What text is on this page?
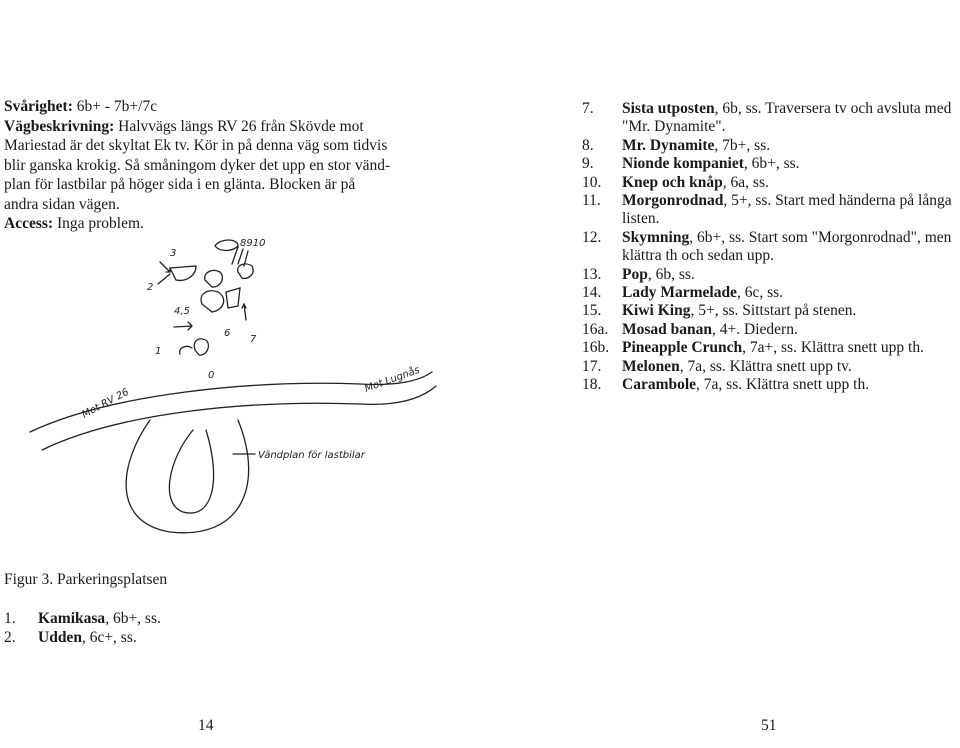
Svårighet: 6b+ - 7b+/7c

Vägbeskrivning: Halvvägs längs RV 26 från Skövde mot

Mariestad är det skyltat Ek tv. Kör in på denna väg som tidvis

blir ganska krokig. Så småningom dyker det upp en stor vänd-

plan för lastbilar på höger sida i en glänta. Blocken är på

andra sidan vägen.

Access: Inga problem.

0
1
2
3
4,5
6
7
8910
Mot RV 26
Mot Lugnås
Vändplan för lastbilar
Figur 3. Parkeringsplatsen
1.	Kamikasa , 6b+, ss.
2.	Udden , 6c+, ss.
7.	Sista utposten, 6b, ss. Traversera tv och avsluta med "Mr. Dynamite".
8.	Mr. Dynamite, 7b+, ss.
9.	Nionde kompaniet, 6b+, ss.
10.	Knep och knåp, 6a, ss.
11.	Morgonrodnad, 5+, ss. Start med händerna på långa listen.
12.	Skymning, 6b+, ss. Start som "Morgonrodnad", men klättra th och sedan upp.
13.	Pop, 6b, ss.
14.	Lady Marmelade, 6c, ss.
15.	Kiwi King, 5+, ss. Sittstart på stenen.
16a. Mosad banan, 4+. Diedern.
16b. Pineapple Crunch, 7a+, ss. Klättra snett upp th.
17.	Melonen, 7a, ss. Klättra snett upp tv.
18.	Carambole, 7a, ss. Klättra snett upp th.
14	51
